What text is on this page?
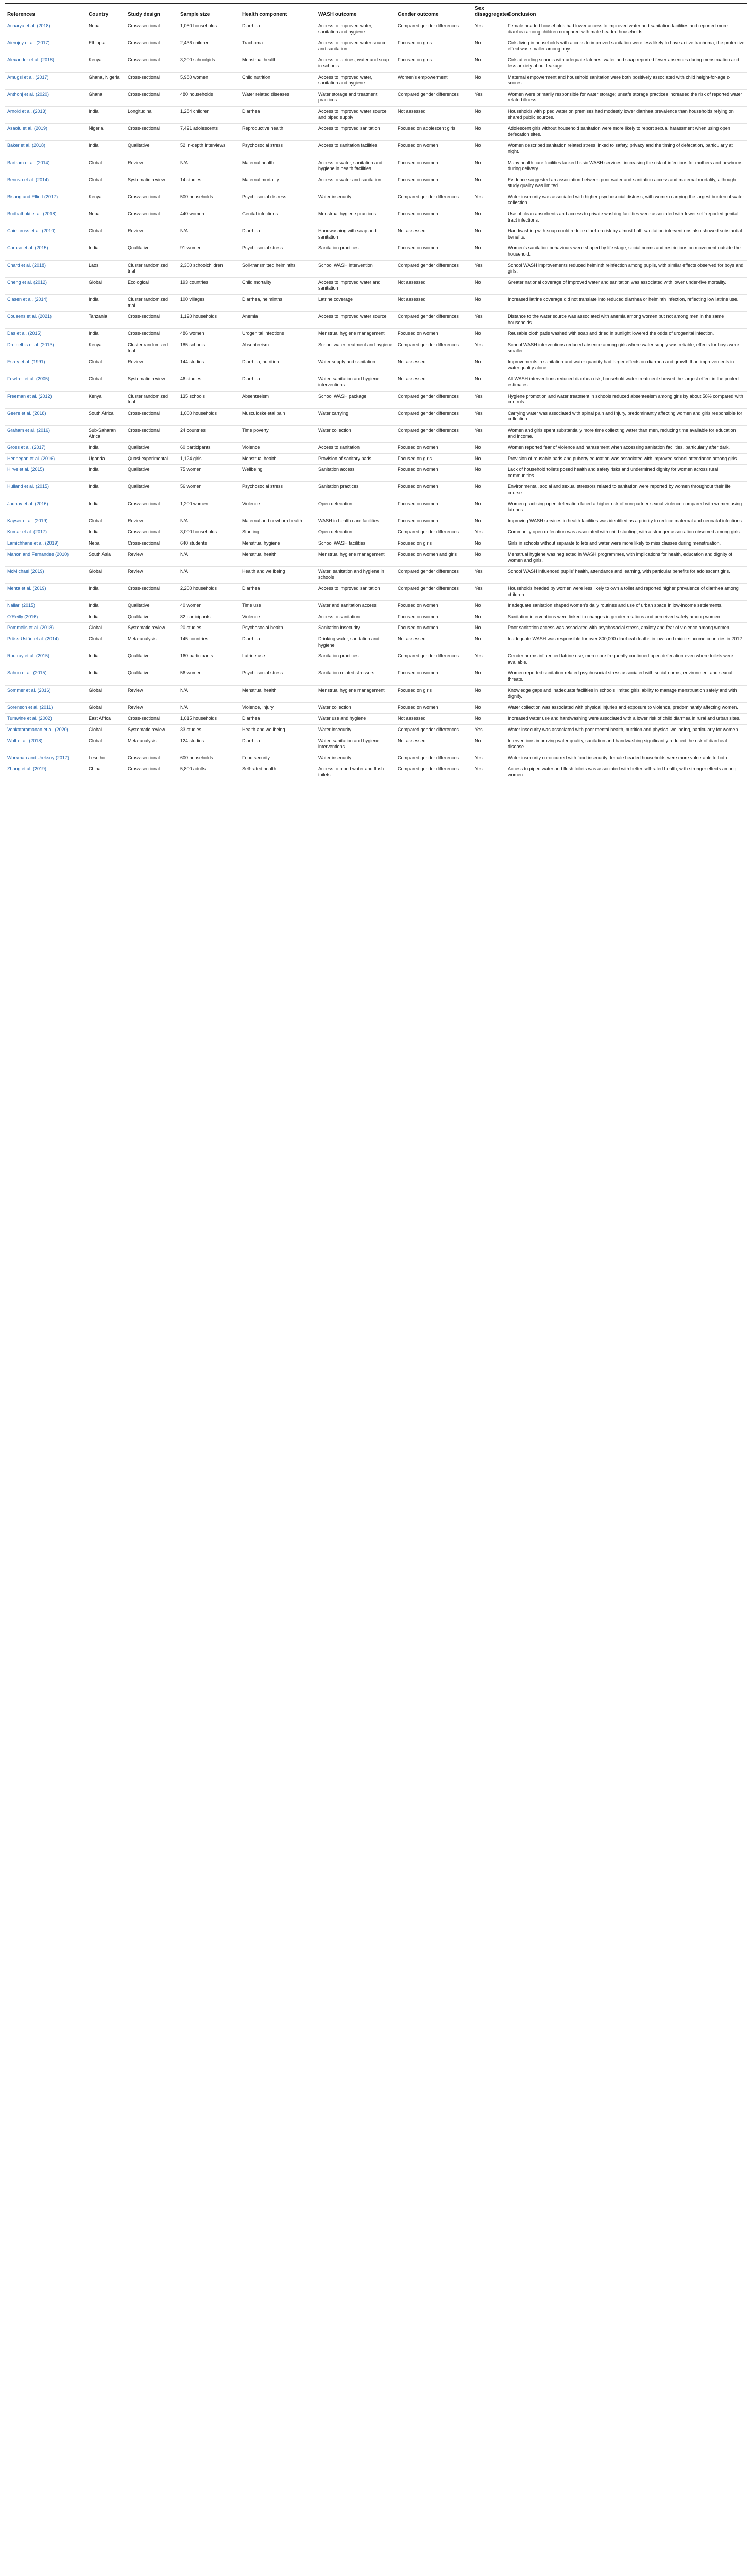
References	Country	Study design	Sample size	Health component	WASH outcome	Gender outcome	Sex disaggregated	Conclusion
Acharya et al. (2018)	Nepal	Cross-sectional	1,050 households	Diarrhea	Access to improved water, sanitation and hygiene	Compared gender differences	Yes	Female headed households had lower access to improved water and sanitation facilities and reported more diarrhea among children compared with male headed households.
Aiemjoy et al. (2017)	Ethiopia	Cross-sectional	2,436 children	Trachoma	Access to improved water source and sanitation	Focused on girls	No	Girls living in households with access to improved sanitation were less likely to have active trachoma; the protective effect was smaller among boys.
Alexander et al. (2018)	Kenya	Cross-sectional	3,200 schoolgirls	Menstrual health	Access to latrines, water and soap in schools	Focused on girls	No	Girls attending schools with adequate latrines, water and soap reported fewer absences during menstruation and less anxiety about leakage.
Amugsi et al. (2017)	Ghana, Nigeria	Cross-sectional	5,980 women	Child nutrition	Access to improved water, sanitation and hygiene	Women's empowerment	No	Maternal empowerment and household sanitation were both positively associated with child height-for-age z-scores.
Anthonj et al. (2020)	Ghana	Cross-sectional	480 households	Water related diseases	Water storage and treatment practices	Compared gender differences	Yes	Women were primarily responsible for water storage; unsafe storage practices increased the risk of reported water related illness.
Arnold et al. (2013)	India	Longitudinal	1,284 children	Diarrhea	Access to improved water source and piped supply	Not assessed	No	Households with piped water on premises had modestly lower diarrhea prevalence than households relying on shared public sources.
Asaolu et al. (2019)	Nigeria	Cross-sectional	7,421 adolescents	Reproductive health	Access to improved sanitation	Focused on adolescent girls	No	Adolescent girls without household sanitation were more likely to report sexual harassment when using open defecation sites.
Baker et al. (2018)	India	Qualitative	52 in-depth interviews	Psychosocial stress	Access to sanitation facilities	Focused on women	No	Women described sanitation related stress linked to safety, privacy and the timing of defecation, particularly at night.
Bartram et al. (2014)	Global	Review	N/A	Maternal health	Access to water, sanitation and hygiene in health facilities	Focused on women	No	Many health care facilities lacked basic WASH services, increasing the risk of infections for mothers and newborns during delivery.
Benova et al. (2014)	Global	Systematic review	14 studies	Maternal mortality	Access to water and sanitation	Focused on women	No	Evidence suggested an association between poor water and sanitation access and maternal mortality, although study quality was limited.
Bisung and Elliott (2017)	Kenya	Cross-sectional	500 households	Psychosocial distress	Water insecurity	Compared gender differences	Yes	Water insecurity was associated with higher psychosocial distress, with women carrying the largest burden of water collection.
Budhathoki et al. (2018)	Nepal	Cross-sectional	440 women	Genital infections	Menstrual hygiene practices	Focused on women	No	Use of clean absorbents and access to private washing facilities were associated with fewer self-reported genital tract infections.
Cairncross et al. (2010)	Global	Review	N/A	Diarrhea	Handwashing with soap and sanitation	Not assessed	No	Handwashing with soap could reduce diarrhea risk by almost half; sanitation interventions also showed substantial benefits.
Caruso et al. (2015)	India	Qualitative	91 women	Psychosocial stress	Sanitation practices	Focused on women	No	Women's sanitation behaviours were shaped by life stage, social norms and restrictions on movement outside the household.
Chard et al. (2018)	Laos	Cluster randomized trial	2,300 schoolchildren	Soil-transmitted helminths	School WASH intervention	Compared gender differences	Yes	School WASH improvements reduced helminth reinfection among pupils, with similar effects observed for boys and girls.
Cheng et al. (2012)	Global	Ecological	193 countries	Child mortality	Access to improved water and sanitation	Not assessed	No	Greater national coverage of improved water and sanitation was associated with lower under-five mortality.
Clasen et al. (2014)	India	Cluster randomized trial	100 villages	Diarrhea, helminths	Latrine coverage	Not assessed	No	Increased latrine coverage did not translate into reduced diarrhea or helminth infection, reflecting low latrine use.
Cousens et al. (2021)	Tanzania	Cross-sectional	1,120 households	Anemia	Access to improved water source	Compared gender differences	Yes	Distance to the water source was associated with anemia among women but not among men in the same households.
Das et al. (2015)	India	Cross-sectional	486 women	Urogenital infections	Menstrual hygiene management	Focused on women	No	Reusable cloth pads washed with soap and dried in sunlight lowered the odds of urogenital infection.
Dreibelbis et al. (2013)	Kenya	Cluster randomized trial	185 schools	Absenteeism	School water treatment and hygiene	Compared gender differences	Yes	School WASH interventions reduced absence among girls where water supply was reliable; effects for boys were smaller.
Esrey et al. (1991)	Global	Review	144 studies	Diarrhea, nutrition	Water supply and sanitation	Not assessed	No	Improvements in sanitation and water quantity had larger effects on diarrhea and growth than improvements in water quality alone.
Fewtrell et al. (2005)	Global	Systematic review	46 studies	Diarrhea	Water, sanitation and hygiene interventions	Not assessed	No	All WASH interventions reduced diarrhea risk; household water treatment showed the largest effect in the pooled estimates.
Freeman et al. (2012)	Kenya	Cluster randomized trial	135 schools	Absenteeism	School WASH package	Compared gender differences	Yes	Hygiene promotion and water treatment in schools reduced absenteeism among girls by about 58% compared with controls.
Geere et al. (2018)	South Africa	Cross-sectional	1,000 households	Musculoskeletal pain	Water carrying	Compared gender differences	Yes	Carrying water was associated with spinal pain and injury, predominantly affecting women and girls responsible for collection.
Graham et al. (2016)	Sub-Saharan Africa	Cross-sectional	24 countries	Time poverty	Water collection	Compared gender differences	Yes	Women and girls spent substantially more time collecting water than men, reducing time available for education and income.
Gross et al. (2017)	India	Qualitative	60 participants	Violence	Access to sanitation	Focused on women	No	Women reported fear of violence and harassment when accessing sanitation facilities, particularly after dark.
Hennegan et al. (2016)	Uganda	Quasi-experimental	1,124 girls	Menstrual health	Provision of sanitary pads	Focused on girls	No	Provision of reusable pads and puberty education was associated with improved school attendance among girls.
Hirve et al. (2015)	India	Qualitative	75 women	Wellbeing	Sanitation access	Focused on women	No	Lack of household toilets posed health and safety risks and undermined dignity for women across rural communities.
Hulland et al. (2015)	India	Qualitative	56 women	Psychosocial stress	Sanitation practices	Focused on women	No	Environmental, social and sexual stressors related to sanitation were reported by women throughout their life course.
Jadhav et al. (2016)	India	Cross-sectional	1,200 women	Violence	Open defecation	Focused on women	No	Women practising open defecation faced a higher risk of non-partner sexual violence compared with women using latrines.
Kayser et al. (2019)	Global	Review	N/A	Maternal and newborn health	WASH in health care facilities	Focused on women	No	Improving WASH services in health facilities was identified as a priority to reduce maternal and neonatal infections.
Kumar et al. (2017)	India	Cross-sectional	3,000 households	Stunting	Open defecation	Compared gender differences	Yes	Community open defecation was associated with child stunting, with a stronger association observed among girls.
Lamichhane et al. (2019)	Nepal	Cross-sectional	640 students	Menstrual hygiene	School WASH facilities	Focused on girls	No	Girls in schools without separate toilets and water were more likely to miss classes during menstruation.
Mahon and Fernandes (2010)	South Asia	Review	N/A	Menstrual health	Menstrual hygiene management	Focused on women and girls	No	Menstrual hygiene was neglected in WASH programmes, with implications for health, education and dignity of women and girls.
McMichael (2019)	Global	Review	N/A	Health and wellbeing	Water, sanitation and hygiene in schools	Compared gender differences	Yes	School WASH influenced pupils' health, attendance and learning, with particular benefits for adolescent girls.
Mehta et al. (2019)	India	Cross-sectional	2,200 households	Diarrhea	Access to improved sanitation	Compared gender differences	Yes	Households headed by women were less likely to own a toilet and reported higher prevalence of diarrhea among children.
Nallari (2015)	India	Qualitative	40 women	Time use	Water and sanitation access	Focused on women	No	Inadequate sanitation shaped women's daily routines and use of urban space in low-income settlements.
O'Reilly (2016)	India	Qualitative	82 participants	Violence	Access to sanitation	Focused on women	No	Sanitation interventions were linked to changes in gender relations and perceived safety among women.
Pommells et al. (2018)	Global	Systematic review	20 studies	Psychosocial health	Sanitation insecurity	Focused on women	No	Poor sanitation access was associated with psychosocial stress, anxiety and fear of violence among women.
Prüss-Ustün et al. (2014)	Global	Meta-analysis	145 countries	Diarrhea	Drinking water, sanitation and hygiene	Not assessed	No	Inadequate WASH was responsible for over 800,000 diarrheal deaths in low- and middle-income countries in 2012.
Routray et al. (2015)	India	Qualitative	160 participants	Latrine use	Sanitation practices	Compared gender differences	Yes	Gender norms influenced latrine use; men more frequently continued open defecation even where toilets were available.
Sahoo et al. (2015)	India	Qualitative	56 women	Psychosocial stress	Sanitation related stressors	Focused on women	No	Women reported sanitation related psychosocial stress associated with social norms, environment and sexual threats.
Sommer et al. (2016)	Global	Review	N/A	Menstrual health	Menstrual hygiene management	Focused on girls	No	Knowledge gaps and inadequate facilities in schools limited girls' ability to manage menstruation safely and with dignity.
Sorenson et al. (2011)	Global	Review	N/A	Violence, injury	Water collection	Focused on women	No	Water collection was associated with physical injuries and exposure to violence, predominantly affecting women.
Tumwine et al. (2002)	East Africa	Cross-sectional	1,015 households	Diarrhea	Water use and hygiene	Not assessed	No	Increased water use and handwashing were associated with a lower risk of child diarrhea in rural and urban sites.
Venkataramanan et al. (2020)	Global	Systematic review	33 studies	Health and wellbeing	Water insecurity	Compared gender differences	Yes	Water insecurity was associated with poor mental health, nutrition and physical wellbeing, particularly for women.
Wolf et al. (2018)	Global	Meta-analysis	124 studies	Diarrhea	Water, sanitation and hygiene interventions	Not assessed	No	Interventions improving water quality, sanitation and handwashing significantly reduced the risk of diarrheal disease.
Workman and Ureksoy (2017)	Lesotho	Cross-sectional	600 households	Food security	Water insecurity	Compared gender differences	Yes	Water insecurity co-occurred with food insecurity; female headed households were more vulnerable to both.
Zhang et al. (2019)	China	Cross-sectional	5,800 adults	Self-rated health	Access to piped water and flush toilets	Compared gender differences	Yes	Access to piped water and flush toilets was associated with better self-rated health, with stronger effects among women.
